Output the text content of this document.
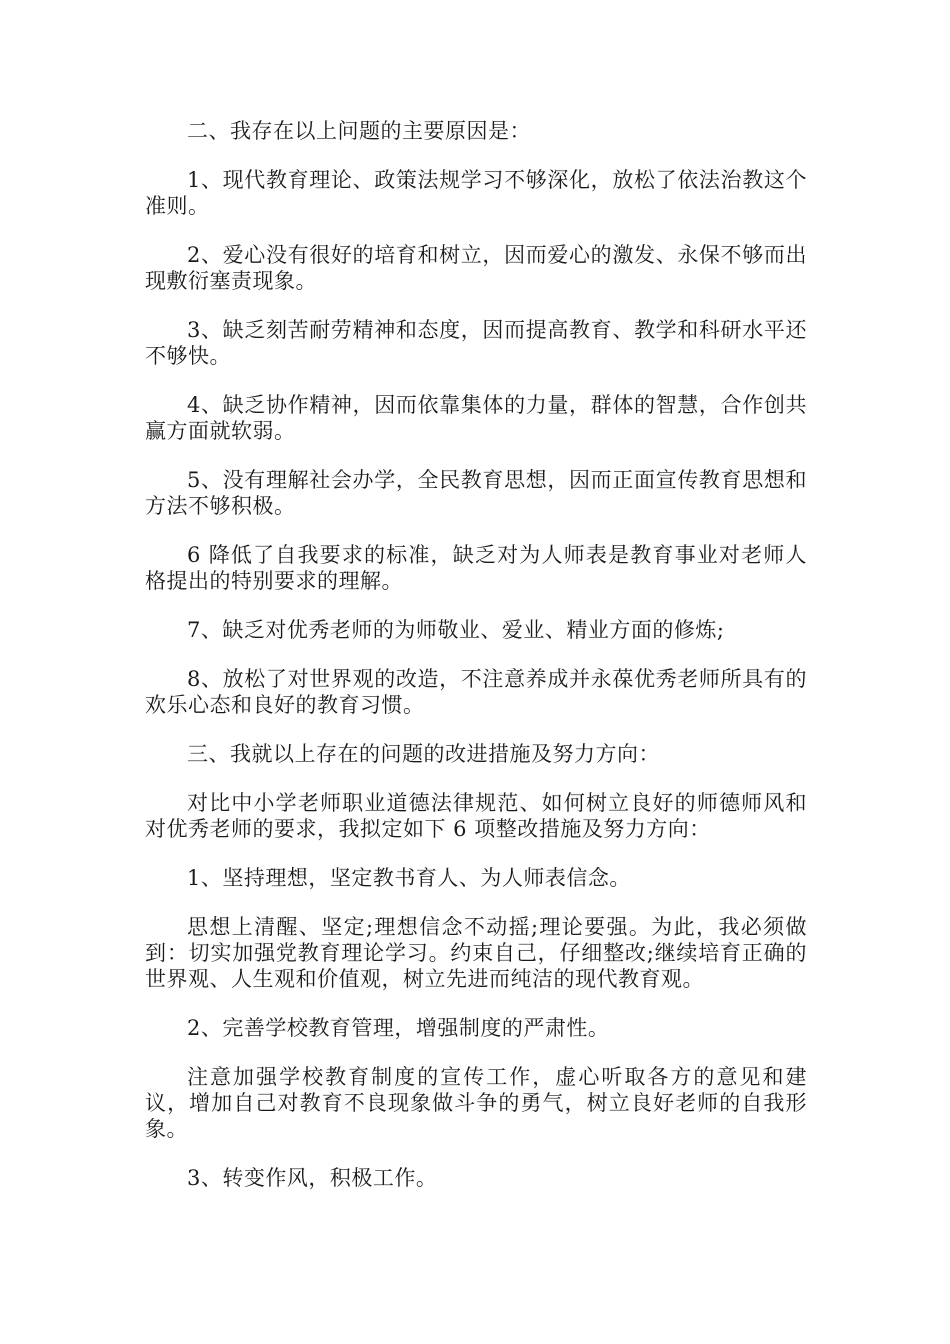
二、我存在以上问题的主要原因是：

1、现代教育理论、政策法规学习不够深化，放松了依法治教这个准则。

2、爱心没有很好的培育和树立，因而爱心的激发、永保不够而出现敷衍塞责现象。

3、缺乏刻苦耐劳精神和态度，因而提高教育、教学和科研水平还不够快。

4、缺乏协作精神，因而依靠集体的力量，群体的智慧，合作创共赢方面就软弱。

5、没有理解社会办学，全民教育思想，因而正面宣传教育思想和方法不够积极。

6 降低了自我要求的标准，缺乏对为人师表是教育事业对老师人格提出的特别要求的理解。

7、缺乏对优秀老师的为师敬业、爱业、精业方面的修炼;

8、放松了对世界观的改造，不注意养成并永葆优秀老师所具有的欢乐心态和良好的教育习惯。

三、我就以上存在的问题的改进措施及努力方向：

对比中小学老师职业道德法律规范、如何树立良好的师德师风和对优秀老师的要求，我拟定如下 6 项整改措施及努力方向：

1、坚持理想，坚定教书育人、为人师表信念。

思想上清醒、坚定;理想信念不动摇;理论要强。为此，我必须做到：切实加强党教育理论学习。约束自己，仔细整改;继续培育正确的世界观、人生观和价值观，树立先进而纯洁的现代教育观。

2、完善学校教育管理，增强制度的严肃性。

注意加强学校教育制度的宣传工作，虚心听取各方的意见和建议，增加自己对教育不良现象做斗争的勇气，树立良好老师的自我形象。

3、转变作风，积极工作。
